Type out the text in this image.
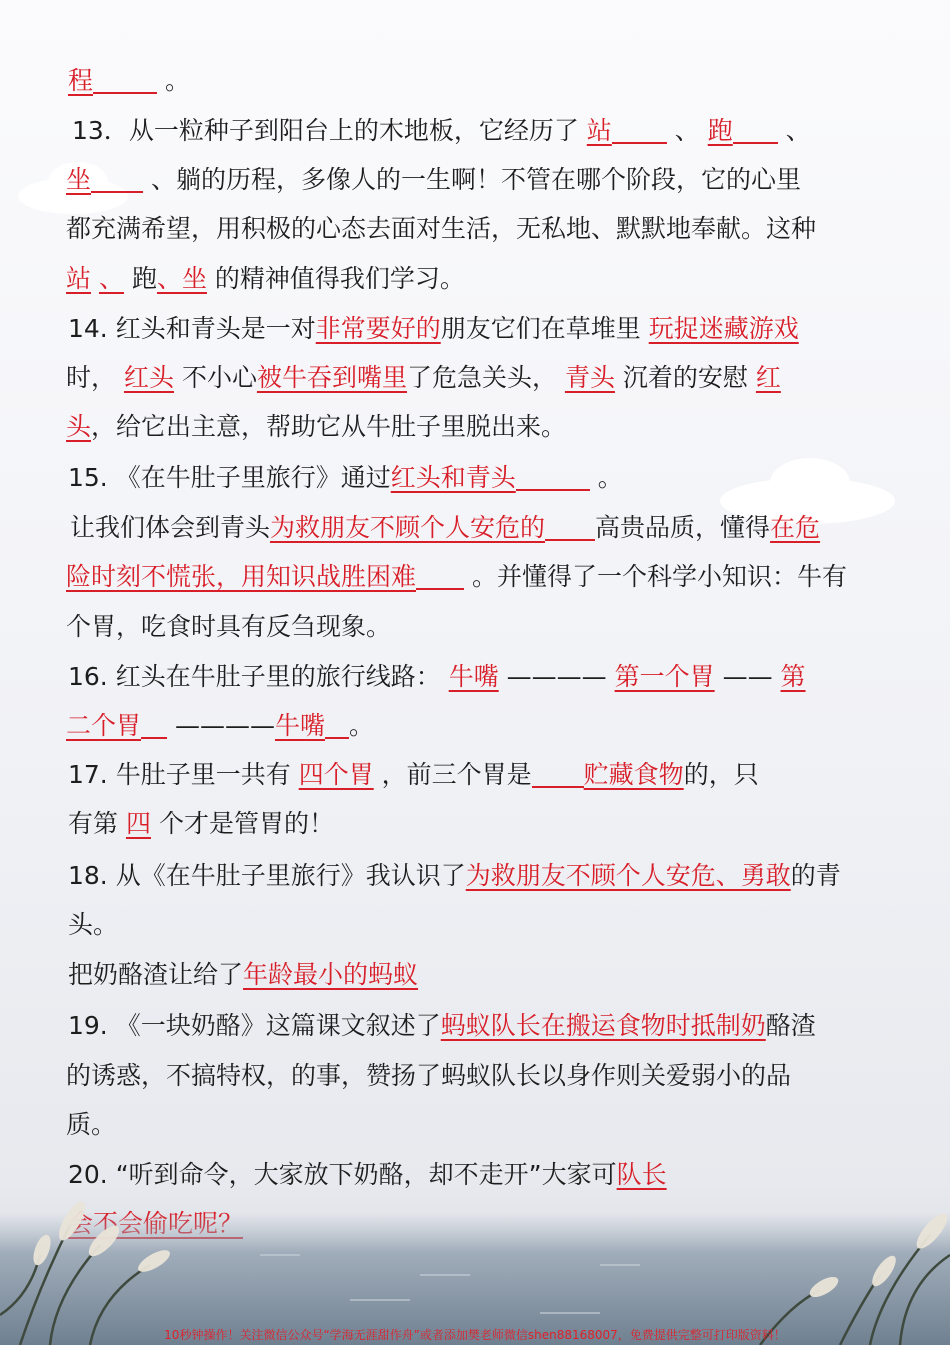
程	。
13．从一粒种子到阳台上的木地板，它经历了 站	、 跑 、
坐 、躺的历程，多像人的一生啊！不管在哪个阶段，它的心里
都充满希望，用积极的心态去面对生活，无私地、默默地奉献。这种
站 、 跑、坐 的精神值得我们学习。
14. 红头和青头是一对非常要好的朋友它们在草堆里 玩捉迷藏游戏
时， 红头 不小心被牛吞到嘴里了危急关头， 青头 沉着的安慰 红
头，给它出主意，帮助它从牛肚子里脱出来。
15. 《在牛肚子里旅行》通过红头和青头	。
让我们体会到青头为救朋友不顾个人安危的 高贵品质，懂得在危
险时刻不慌张，用知识战胜困难 。并懂得了一个科学小知识：牛有
个胃，吃食时具有反刍现象。
16. 红头在牛肚子里的旅行线路： 牛嘴 ———— 第一个胃 —— 第
二个胃 ————牛嘴 。
17. 牛肚子里一共有 四个胃 ，前三个胃是 贮藏食物的，只
有第 四 个才是管胃的！
18. 从《在牛肚子里旅行》我认识了为救朋友不顾个人安危、勇敢的青
头。
把奶酪渣让给了年龄最小的蚂蚁
19. 《一块奶酪》这篇课文叙述了蚂蚁队长在搬运食物时抵制奶酪渣
的诱惑，不搞特权，的事，赞扬了蚂蚁队长以身作则关爱弱小的品
质。
20. “听到命令，大家放下奶酪，却不走开”大家可队长
10秒钟操作！关注微信公众号“学海无涯甜作舟”或者添加樊老师微信shen88168007，免费提供完整可打印版资料！
